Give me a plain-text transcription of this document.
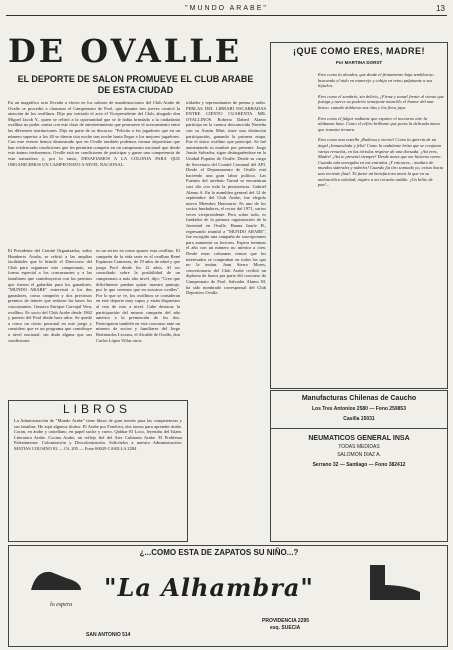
"MUNDO ARABE"	13
DE OVALLE
EL DEPORTE DE SALON PROMUEVE EL CLUB ARABE
DE ESTA CIUDAD
En un magnífico acto llevado a efecto en los salones de manifestaciones del Club Arabe de Ovalle se procedió a clausurar el Campeonato de Pool, que durante tres jueves cautivó la atención de los ovallinos. Dijo por iniciado el acto el Vicepresidente del Club, abogado don Miguel Jacob Y., quien se refirió a la oportunidad que se le había brindado a la ciudadanía ovallina no poder contar con este clase de entretenimiento que promueve el acercamiento entre las diferentes instituciones. Dijo en parte de su discurso: "Felicito a los jugadores que en un número superior a los 40 se dieron cita noche tras noche hasta llegar a los mejores jugadores. Con este evento hemos demostrado que en Ovalle también podemos formar deportistas que han evidenciado condiciones que les permiten competir en un campeonato nacional que desde este ánimo invitaremos. Ovalle está en condiciones de participar y ganar una competencia de esta naturaleza y, por lo tanto, DESAFIAMOS A LA COLONIA PARA QUE ORGANICEMOS UN CAMPEONATO A NIVEL NACIONAL.
El Presidente del Comité Organizador, señor Humberto Acuña, se refirió a las amplias facilidades que le brindó el Directorio del Club para organizar este campeonato, en forma especial a los concursantes y a las familiares que contribuyeron con los premios que fueron el galardón para los ganadores. "MUNDO ARABE" entrevistó a los dos ganadores, como campeón y dos preciosos premios de interés que sedaron las bases los concursantes. Gustavo Enrique Carvajal Vera, ovallino. Es socio del Club Arabe desde 1962 y partero del Pool desde hace años. Se quedó a cinco un cierto personal en este juego y considero que es un programa que contribuye a nivel nacional, sin duda alguna que sus condiciones
es un serios en torno apurez esta ovallino. El campeón de la vida serie es el ovallino René Espinoza Contreras, de 19 años de edad y que juega Pool desde los 12 años. Al ser consultado sobre la posibilidad de un campeonato a más alto nivel, dijo: "Creo que difícilmente puedan quitar nuestro puntaje, por lo que creemos que en nosotros ovalles". Por lo que se ve, los ovallinos se consideran en este deporte muy capos y están dispuestos al reto de esto a nivel. Cabe destacar la participación del mismo campeón del año anterior a la premiación de los dos. Participaron también en este concurso ante un número de socios y familiares del Jorge Bettinardos Lecaros, el Alcalde de Ovalle, don Carlos López Villar otros
tridades y representantes de prensa y radio. PERLAS DEL LIBRARI ESCARBADAS ENTRE CIENTO CUARENTA MIL OVALLINOS. Roberto Dabed Alamo participa en la cuenca desconocida Norteña con su Austin Mini, tinee una distinción participación, ganando la primera etapa. Fue el único ovallino que participó. Se fué aumentando su nombre por presente. Jorge Jarufe Salvador, sigue distinguiéndose en la Unidad Popular de Ovalle. Desde su cargo de Secretario del Comité Comunal del API. Desde el Departamento de Ovalle está haciendo una gran labor política. Las Fuentes del arrebato Tarrad se encuentran casi día con toda la persistencia. Gabriel Alamo A. En la asamblea general del 12 de septiembre del Club Arabe, fue elegido nuevo Miembro Honorario. Es uno de los socios fundadores, el rector del 1971, varios veces vicepresidente. Pero sobre todo, es fundador de la primera organización de la Juventud en Ovalle. Hanna Jarufe H., regresando triunfal a "MUNDO ARABE", fue escogido una campaña de suscripciones para aumentar su lectores. Espera terminar el año con un número no inferior a cien. Desde estas columnas vemos que los interesados se compraban en todos los que no la tenían. Juan Sierra Mores, concesionario del Club Arabe recibió un diploma de honor por parte del concurso de Campeonato de Pool. Salvador Alamo M. ha sido nombrado corresponsal del Club Deportivo Ovalle.
¡QUE COMO ERES, MADRE!
Por MARTINA DORST
Eres como la alondra, que desde el firmamento baja tembloroso buscando el nido en esmerejo y cobija en reino palpitante a sus hijuelos.
Eres como el sombrío, sin delirio, ¡Firme y tenaz! frente al viento que fustiga y tuerce su poderío semejante mancillo el humor del mar bravo. cuando doblaron sus olas y los fieva jaya.
Eres como el fulgor radiante que esparce el nocturno aire la alabanza luna. Como el céfiro brillante que porta la delicada mano que transita ternura.
Eres como una estrella ¡Radiosa y eterna! Como la querría de un ángel ¡Inmaculada y feliz! Como la ondulante brisa que se conjunta varias revuelas, en las tórtolas respirar de una dorsada. ¡Así eres, Madre! ¡Así te presentí siempre! Desde antes que me hicieras carne. Cuando aún navegaba en tus entrañas ¡Y entonces... maduro de mundos siderales y nubeles! Cuando fui tiro sonnado yo, existo hacia una reciente final. Tú fuiste mi benefactora mora la que en su melancólica soledad, inspire a mi corazón ardido. ¡Un hilito de paz!...
LIBROS
La Administración de "Mundo Arabe" tiene libros de gran interés para las competencias y sus familias. He aquí algunos títulos: El Arabe por Fonética, dos tomos para aprender árabe. Coran, en árabe y castellano, en papel suche y cuero. Qabbar El Loco, leyendas del Islam. Literatura Arabe. Cocina Arabe, un reflejo fiel del Arte Culinario Arabe. El Problema Palestiniense. Colonización y Descolonización. Solicítelos a nuestra Administración: MATIAS COUSINO 82 — Of. 205 — Fono 69029 CASILLA 2284
Manufacturas Chilenas de Caucho
Los Tres Antonios 2580 — Fono 259853
Casilla 15031
NEUMATICOS GENERAL INSA
TODAS MEDIDAS
SALOMON DIAZ A.
Serrano 32 — Santiago — Fono 382412
¿...COMO ESTA DE ZAPATOS SU NIÑO...?
lo espera
"La Alhambra"
SAN ANTONIO 514
PROVIDENCIA 2295
esq. SUECIA
